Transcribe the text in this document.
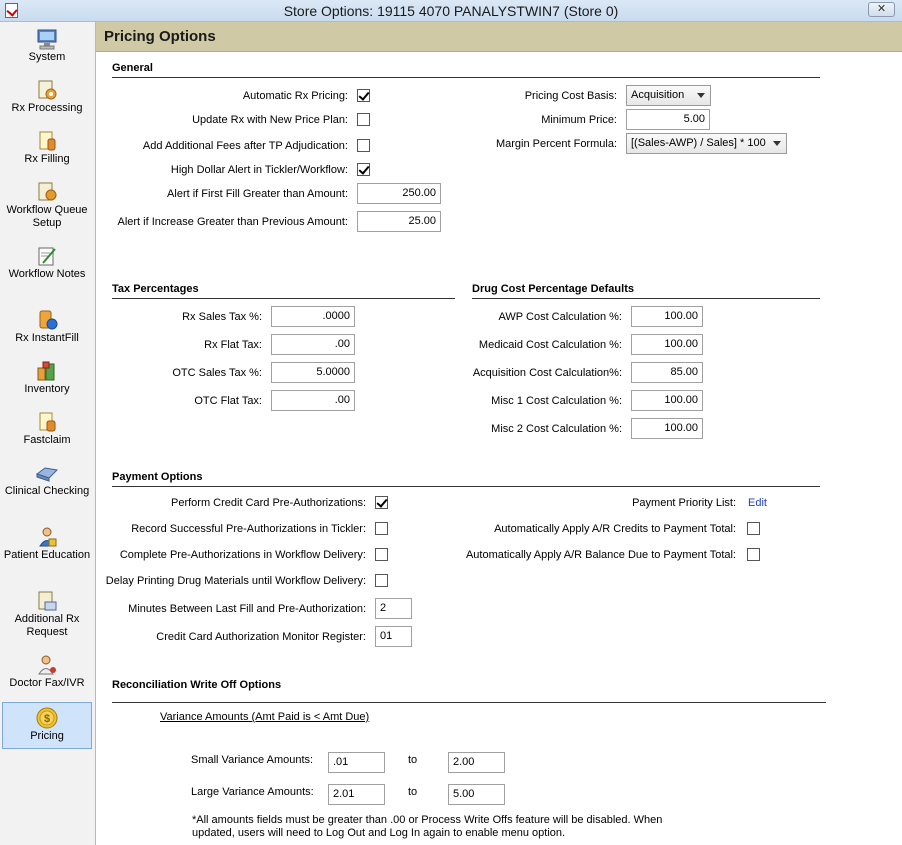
Store Options: 19115 4070 PANALYSTWIN7 (Store 0)	✕
System
Rx Processing
Rx Filling
Workflow Queue Setup
Workflow Notes
Rx InstantFill
Inventory
Fastclaim
Clinical Checking
Patient Education
Additional Rx Request
Doctor Fax/IVR
$
Pricing
Pricing Options
General
Automatic Rx Pricing:
Update Rx with New Price Plan:
Add Additional Fees after TP Adjudication:
High Dollar Alert in Tickler/Workflow:
Alert if First Fill Greater than Amount:	250.00
Alert if Increase Greater than Previous Amount:	25.00
Pricing Cost Basis:	Acquisition
Minimum Price:	5.00
Margin Percent Formula:	[(Sales-AWP) / Sales] * 100
Tax Percentages
Rx Sales Tax %:	.0000
Rx Flat Tax:	.00
OTC Sales Tax %:	5.0000
OTC Flat Tax:	.00
Drug Cost Percentage Defaults
AWP Cost Calculation %:	100.00
Medicaid Cost Calculation %:	100.00
Acquisition Cost Calculation%:	85.00
Misc 1 Cost Calculation %:	100.00
Misc 2 Cost Calculation %:	100.00
Payment Options
Perform Credit Card Pre-Authorizations:
Record Successful Pre-Authorizations in Tickler:
Complete Pre-Authorizations in Workflow Delivery:
Delay Printing Drug Materials until Workflow Delivery:
Minutes Between Last Fill and Pre-Authorization:	2
Credit Card Authorization Monitor Register:	01
Payment Priority List: Edit
Automatically Apply A/R Credits to Payment Total:
Automatically Apply A/R Balance Due to Payment Total:
Reconciliation Write Off Options
Variance Amounts (Amt Paid is < Amt Due)
Small Variance Amounts:	.01	to	2.00
Large Variance Amounts:	2.01	to	5.00
*All amounts fields must be greater than .00 or Process Write Offs feature will be disabled. When
updated, users will need to Log Out and Log In again to enable menu option.
